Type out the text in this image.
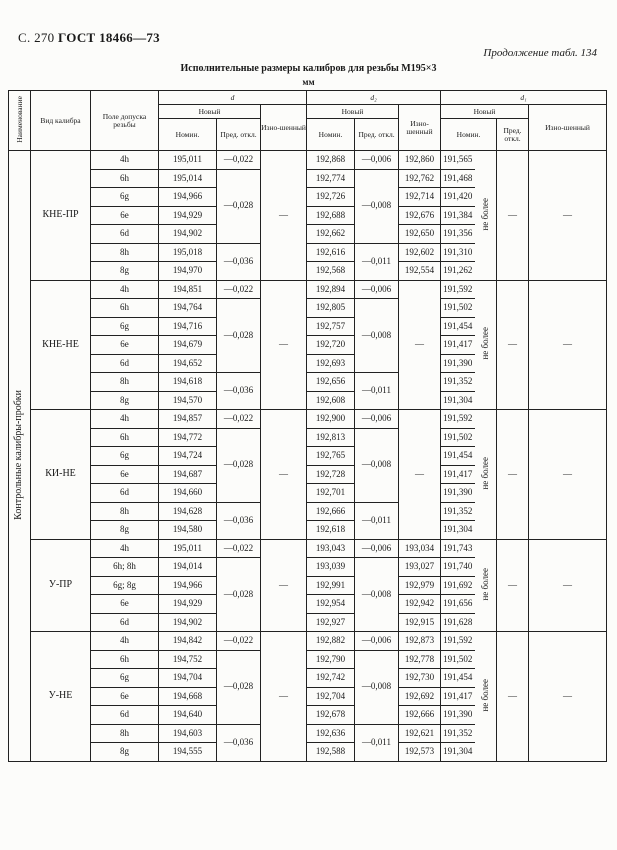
С. 270 ГОСТ 18466—73
Продолжение табл. 134
Исполнительные размеры калибров для резьбы M195×3
мм
Наименование	Вид калибра	Поле допуска резьбы	d			d₂			d₁			
			Новый		Изно-шенный	Новый		Изно-шенный	Новый			Изно-шенный
			Номин.	Пред. откл.		Номин.	Пред. откл.		Номин.		Пред. откл.	
Контрольные калибры-пробки	КНЕ-ПР	4h	195,011	—0,022	—	192,868	—0,006	192,860	191,565	не более	—	—
		6h	195,014	—0,028		192,774	—0,008	192,762	191,468			
		6g	194,966			192,726		192,714	191,420			
		6e	194,929			192,688		192,676	191,384			
		6d	194,902			192,662		192,650	191,356			
		8h	195,018	—0,036		192,616	—0,011	192,602	191,310			
		8g	194,970			192,568		192,554	191,262			
	КНЕ-НЕ	4h	194,851	—0,022	—	192,894	—0,006	—	191,592	не более	—	—
		6h	194,764	—0,028		192,805	—0,008		191,502			
		6g	194,716			192,757			191,454			
		6e	194,679			192,720			191,417			
		6d	194,652			192,693			191,390			
		8h	194,618	—0,036		192,656	—0,011		191,352			
		8g	194,570			192,608			191,304			
	КИ-НЕ	4h	194,857	—0,022	—	192,900	—0,006	—	191,592	не более	—	—
		6h	194,772	—0,028		192,813	—0,008		191,502			
		6g	194,724			192,765			191,454			
		6e	194,687			192,728			191,417			
		6d	194,660			192,701			191,390			
		8h	194,628	—0,036		192,666	—0,011		191,352			
		8g	194,580			192,618			191,304			
	У-ПР	4h	195,011	—0,022	—	193,043	—0,006	193,034	191,743	не более	—	—
		6h; 8h	194,014	—0,028		193,039	—0,008	193,027	191,740			
		6g; 8g	194,966			192,991		192,979	191,692			
		6e	194,929			192,954		192,942	191,656			
		6d	194,902			192,927		192,915	191,628			
	У-НЕ	4h	194,842	—0,022	—	192,882	—0,006	192,873	191,592	не более	—	—
		6h	194,752	—0,028		192,790	—0,008	192,778	191,502			
		6g	194,704			192,742		192,730	191,454			
		6e	194,668			192,704		192,692	191,417			
		6d	194,640			192,678		192,666	191,390			
		8h	194,603	—0,036		192,636	—0,011	192,621	191,352			
		8g	194,555			192,588		192,573	191,304			
